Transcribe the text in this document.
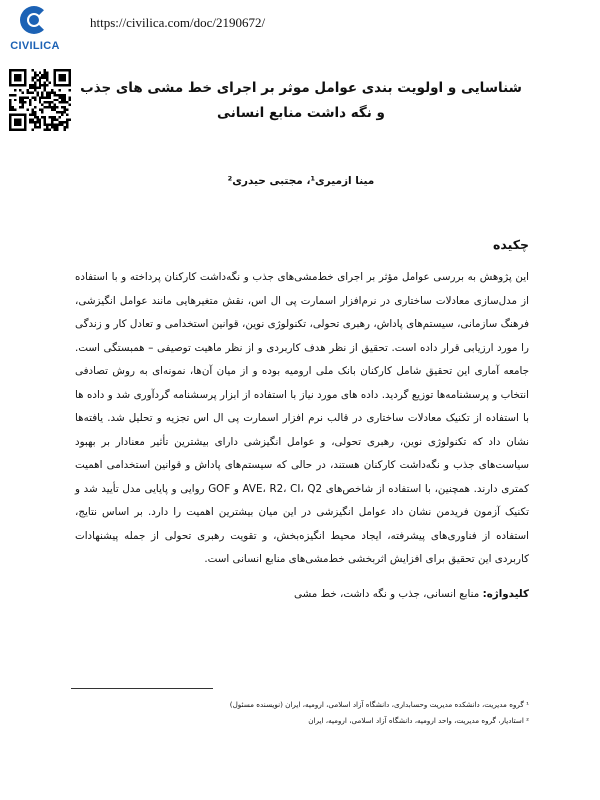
CIVILICA
https://civilica.com/doc/2190672/
شناسایی و اولویت بندی عوامل موثر بر اجرای خط مشی های جذب و نگه داشت منابع انسانی
مینا ازمیری¹، مجتبی حیدری²
چکیده
این پژوهش به بررسی عوامل مؤثر بر اجرای خط‌مشی‌های جذب و نگه‌داشت کارکنان پرداخته و با استفاده از مدل‌سازی معادلات ساختاری در نرم‌افزار اسمارت پی ال اس، نقش متغیرهایی مانند عوامل انگیزشی، فرهنگ سازمانی، سیستم‌های پاداش، رهبری تحولی، تکنولوژی نوین، قوانین استخدامی و تعادل کار و زندگی را مورد ارزیابی قرار داده است. تحقیق از نظر هدف کاربردی و از نظر ماهیت توصیفی – همبستگی است. جامعه آماری این تحقیق شامل کارکنان بانک ملی ارومیه بوده و از میان آن‌ها، نمونه‌ای به روش تصادفی انتخاب و پرسشنامه‌ها توزیع گردید. داده های مورد نیاز با استفاده از ابزار پرسشنامه گردآوری شد و داده ها با استفاده از تکنیک معادلات ساختاری در قالب نرم افزار اسمارت پی ال اس تجزیه و تحلیل شد. یافته‌ها نشان داد که تکنولوژی نوین، رهبری تحولی، و عوامل انگیزشی دارای بیشترین تأثیر معنادار بر بهبود سیاست‌های جذب و نگه‌داشت کارکنان هستند، در حالی که سیستم‌های پاداش و قوانین استخدامی اهمیت کمتری دارند. همچنین، با استفاده از شاخص‌های AVE، R2، CI، Q2 و GOF روایی و پایایی مدل تأیید شد و تکنیک آزمون فریدمن نشان داد عوامل انگیزشی در این میان بیشترین اهمیت را دارد. بر اساس نتایج، استفاده از فناوری‌های پیشرفته، ایجاد محیط انگیزه‌بخش، و تقویت رهبری تحولی از جمله پیشنهادات کاربردی این تحقیق برای افزایش اثربخشی خط‌مشی‌های منابع انسانی است.
کلیدواژه: منابع انسانی، جذب و نگه داشت، خط مشی
¹ گروه مدیریت، دانشکده مدیریت وحسابداری، دانشگاه آزاد اسلامی، ارومیه، ایران (نویسنده مسئول)
² استادیار، گروه مدیریت، واحد ارومیه، دانشگاه آزاد اسلامی، ارومیه، ایران
